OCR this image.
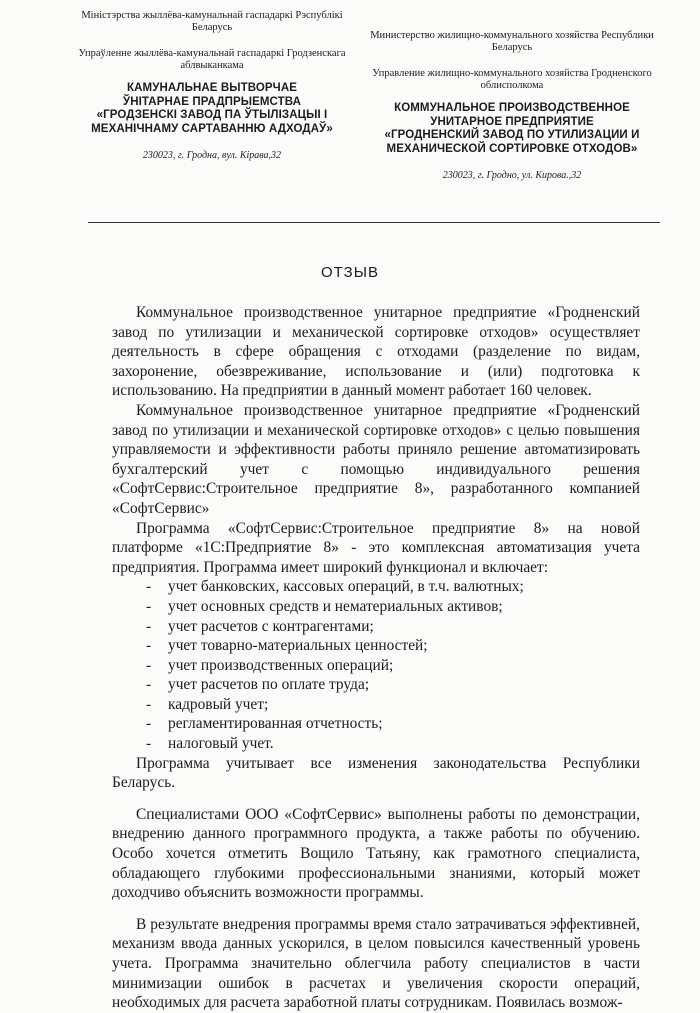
Міністэрства жыллёва-камунальнай гаспадаркі Рэспублікі Беларусь
Упраўленне жыллёва-камунальнай гаспадаркі Гродзенскага аблвыканкама
КАМУНАЛЬНАЕ ВЫТВОРЧАЕ
ЎНІТАРНАЕ ПРАДПРЫЕМСТВА
«ГРОДЗЕНСКІ ЗАВОД ПА ЎТЫЛІЗАЦЫІ І
МЕХАНІЧНАМУ САРТАВАННЮ АДХОДАЎ»
230023, г. Гродна, вул. Кірава,32
Министерство жилищно-коммунального хозяйства Республики Беларусь
Управление жилищно-коммунального хозяйства Гродненского облисполкома
КОММУНАЛЬНОЕ ПРОИЗВОДСТВЕННОЕ
УНИТАРНОЕ ПРЕДПРИЯТИЕ
«ГРОДНЕНСКИЙ ЗАВОД ПО УТИЛИЗАЦИИ И
МЕХАНИЧЕСКОЙ СОРТИРОВКЕ ОТХОДОВ»
230023, г. Гродно, ул. Кирова.,32
ОТЗЫВ

Коммунальное производственное унитарное предприятие «Гродненский завод по утилизации и механической сортировке отходов» осуществляет деятельность в сфере обращения с отходами (разделение по видам, захоронение, обезвреживание, использование и (или) подготовка к использованию. На предприятии в данный момент работает 160 человек.

Коммунальное производственное унитарное предприятие «Гродненский завод по утилизации и механической сортировке отходов» с целью повышения управляемости и эффективности работы приняло решение автоматизировать бухгалтерский учет с помощью индивидуального решения «СофтСервис:Строительное предприятие 8», разработанного компанией «СофтСервис»

Программа «СофтСервис:Строительное предприятие 8» на новой платформе «1С:Предприятие 8» - это комплексная автоматизация учета предприятия. Программа имеет широкий функционал и включает:

- учет банковских, кассовых операций, в т.ч. валютных;
- учет основных средств и нематериальных активов;
- учет расчетов с контрагентами;
- учет товарно-материальных ценностей;
- учет производственных операций;
- учет расчетов по оплате труда;
- кадровый учет;
- регламентированная отчетность;
- налоговый учет.

Программа учитывает все изменения законодательства Республики Беларусь.

Специалистами ООО «СофтСервис» выполнены работы по демонстрации, внедрению данного программного продукта, а также работы по обучению. Особо хочется отметить Вощило Татьяну, как грамотного специалиста, обладающего глубокими профессиональными знаниями, который может доходчиво объяснить возможности программы.

В результате внедрения программы время стало затрачиваться эффективней, механизм ввода данных ускорился, в целом повысился качественный уровень учета. Программа значительно облегчила работу специалистов в части минимизации ошибок в расчетах и увеличения скорости операций, необходимых для расчета заработной платы сотрудникам. Появилась возмож-
